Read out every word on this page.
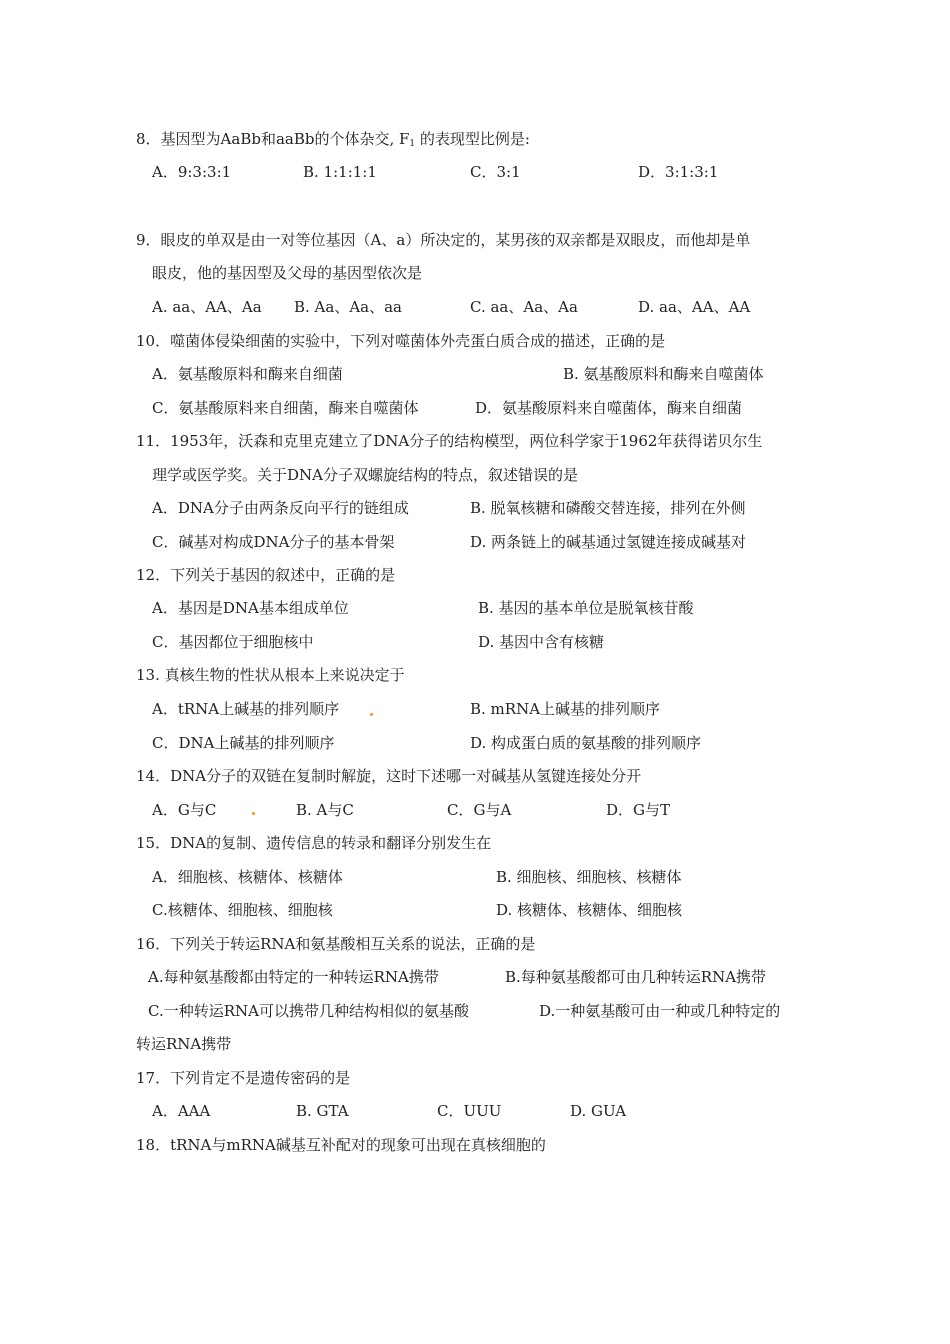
8．基因型为AaBb和aaBb的个体杂交, $F_1$ 的表现型比例是:
A．9:3:3:1	B. 1:1:1:1	C．3:1	D．3:1:3:1
9．眼皮的单双是由一对等位基因（A、a）所决定的，某男孩的双亲都是双眼皮，而他却是单
眼皮，他的基因型及父母的基因型依次是
A. aa、AA、Aa B. Aa、Aa、aa	C. aa、Aa、Aa	D. aa、AA、AA
10．噬菌体侵染细菌的实验中，下列对噬菌体外壳蛋白质合成的描述，正确的是
A．氨基酸原料和酶来自细菌	B. 氨基酸原料和酶来自噬菌体
C．氨基酸原料来自细菌，酶来自噬菌体	D．氨基酸原料来自噬菌体，酶来自细菌
11．1953年，沃森和克里克建立了DNA分子的结构模型，两位科学家于1962年获得诺贝尔生
理学或医学奖。关于DNA分子双螺旋结构的特点，叙述错误的是
A．DNA分子由两条反向平行的链组成	B. 脱氧核糖和磷酸交替连接，排列在外侧
C．碱基对构成DNA分子的基本骨架	D. 两条链上的碱基通过氢键连接成碱基对
12．下列关于基因的叙述中，正确的是
A．基因是DNA基本组成单位	B. 基因的基本单位是脱氧核苷酸
C．基因都位于细胞核中	D. 基因中含有核糖
13. 真核生物的性状从根本上来说决定于
A．tRNA上碱基的排列顺序	B. mRNA上碱基的排列顺序
C．DNA上碱基的排列顺序	D. 构成蛋白质的氨基酸的排列顺序
14．DNA分子的双链在复制时解旋，这时下述哪一对碱基从氢键连接处分开
A．G与C	B. A与C	C．G与A	D．G与T
15．DNA的复制、遗传信息的转录和翻译分别发生在
A．细胞核、核糖体、核糖体	B. 细胞核、细胞核、核糖体
C.核糖体、细胞核、细胞核	D. 核糖体、核糖体、细胞核
16．下列关于转运RNA和氨基酸相互关系的说法，正确的是
A.每种氨基酸都由特定的一种转运RNA携带	B.每种氨基酸都可由几种转运RNA携带
C.一种转运RNA可以携带几种结构相似的氨基酸	D.一种氨基酸可由一种或几种特定的
转运RNA携带
17．下列肯定不是遗传密码的是
A．AAA	B. GTA	C．UUU	D. GUA
18．tRNA与mRNA碱基互补配对的现象可出现在真核细胞的
